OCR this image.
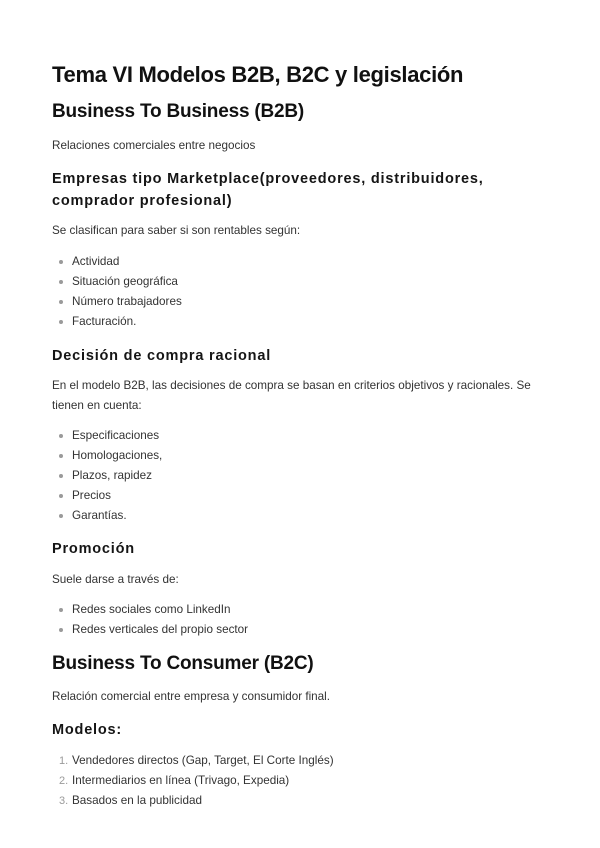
Tema VI Modelos B2B, B2C y legislación
Business To Business (B2B)

Relaciones comerciales entre negocios

Empresas tipo Marketplace(proveedores, distribuidores,
comprador profesional)

Se clasifican para saber si son rentables según:

Actividad
Situación geográfica
Número trabajadores
Facturación.
Decisión de compra racional

En el modelo B2B, las decisiones de compra se basan en criterios objetivos y racionales. Se
tienen en cuenta:

Especificaciones
Homologaciones,
Plazos, rapidez
Precios
Garantías.
Promoción

Suele darse a través de:

Redes sociales como LinkedIn
Redes verticales del propio sector
Business To Consumer (B2C)

Relación comercial entre empresa y consumidor final.

Modelos:
1. Vendedores directos (Gap, Target, El Corte Inglés)
2. Intermediarios en línea (Trivago, Expedia)
3. Basados en la publicidad
